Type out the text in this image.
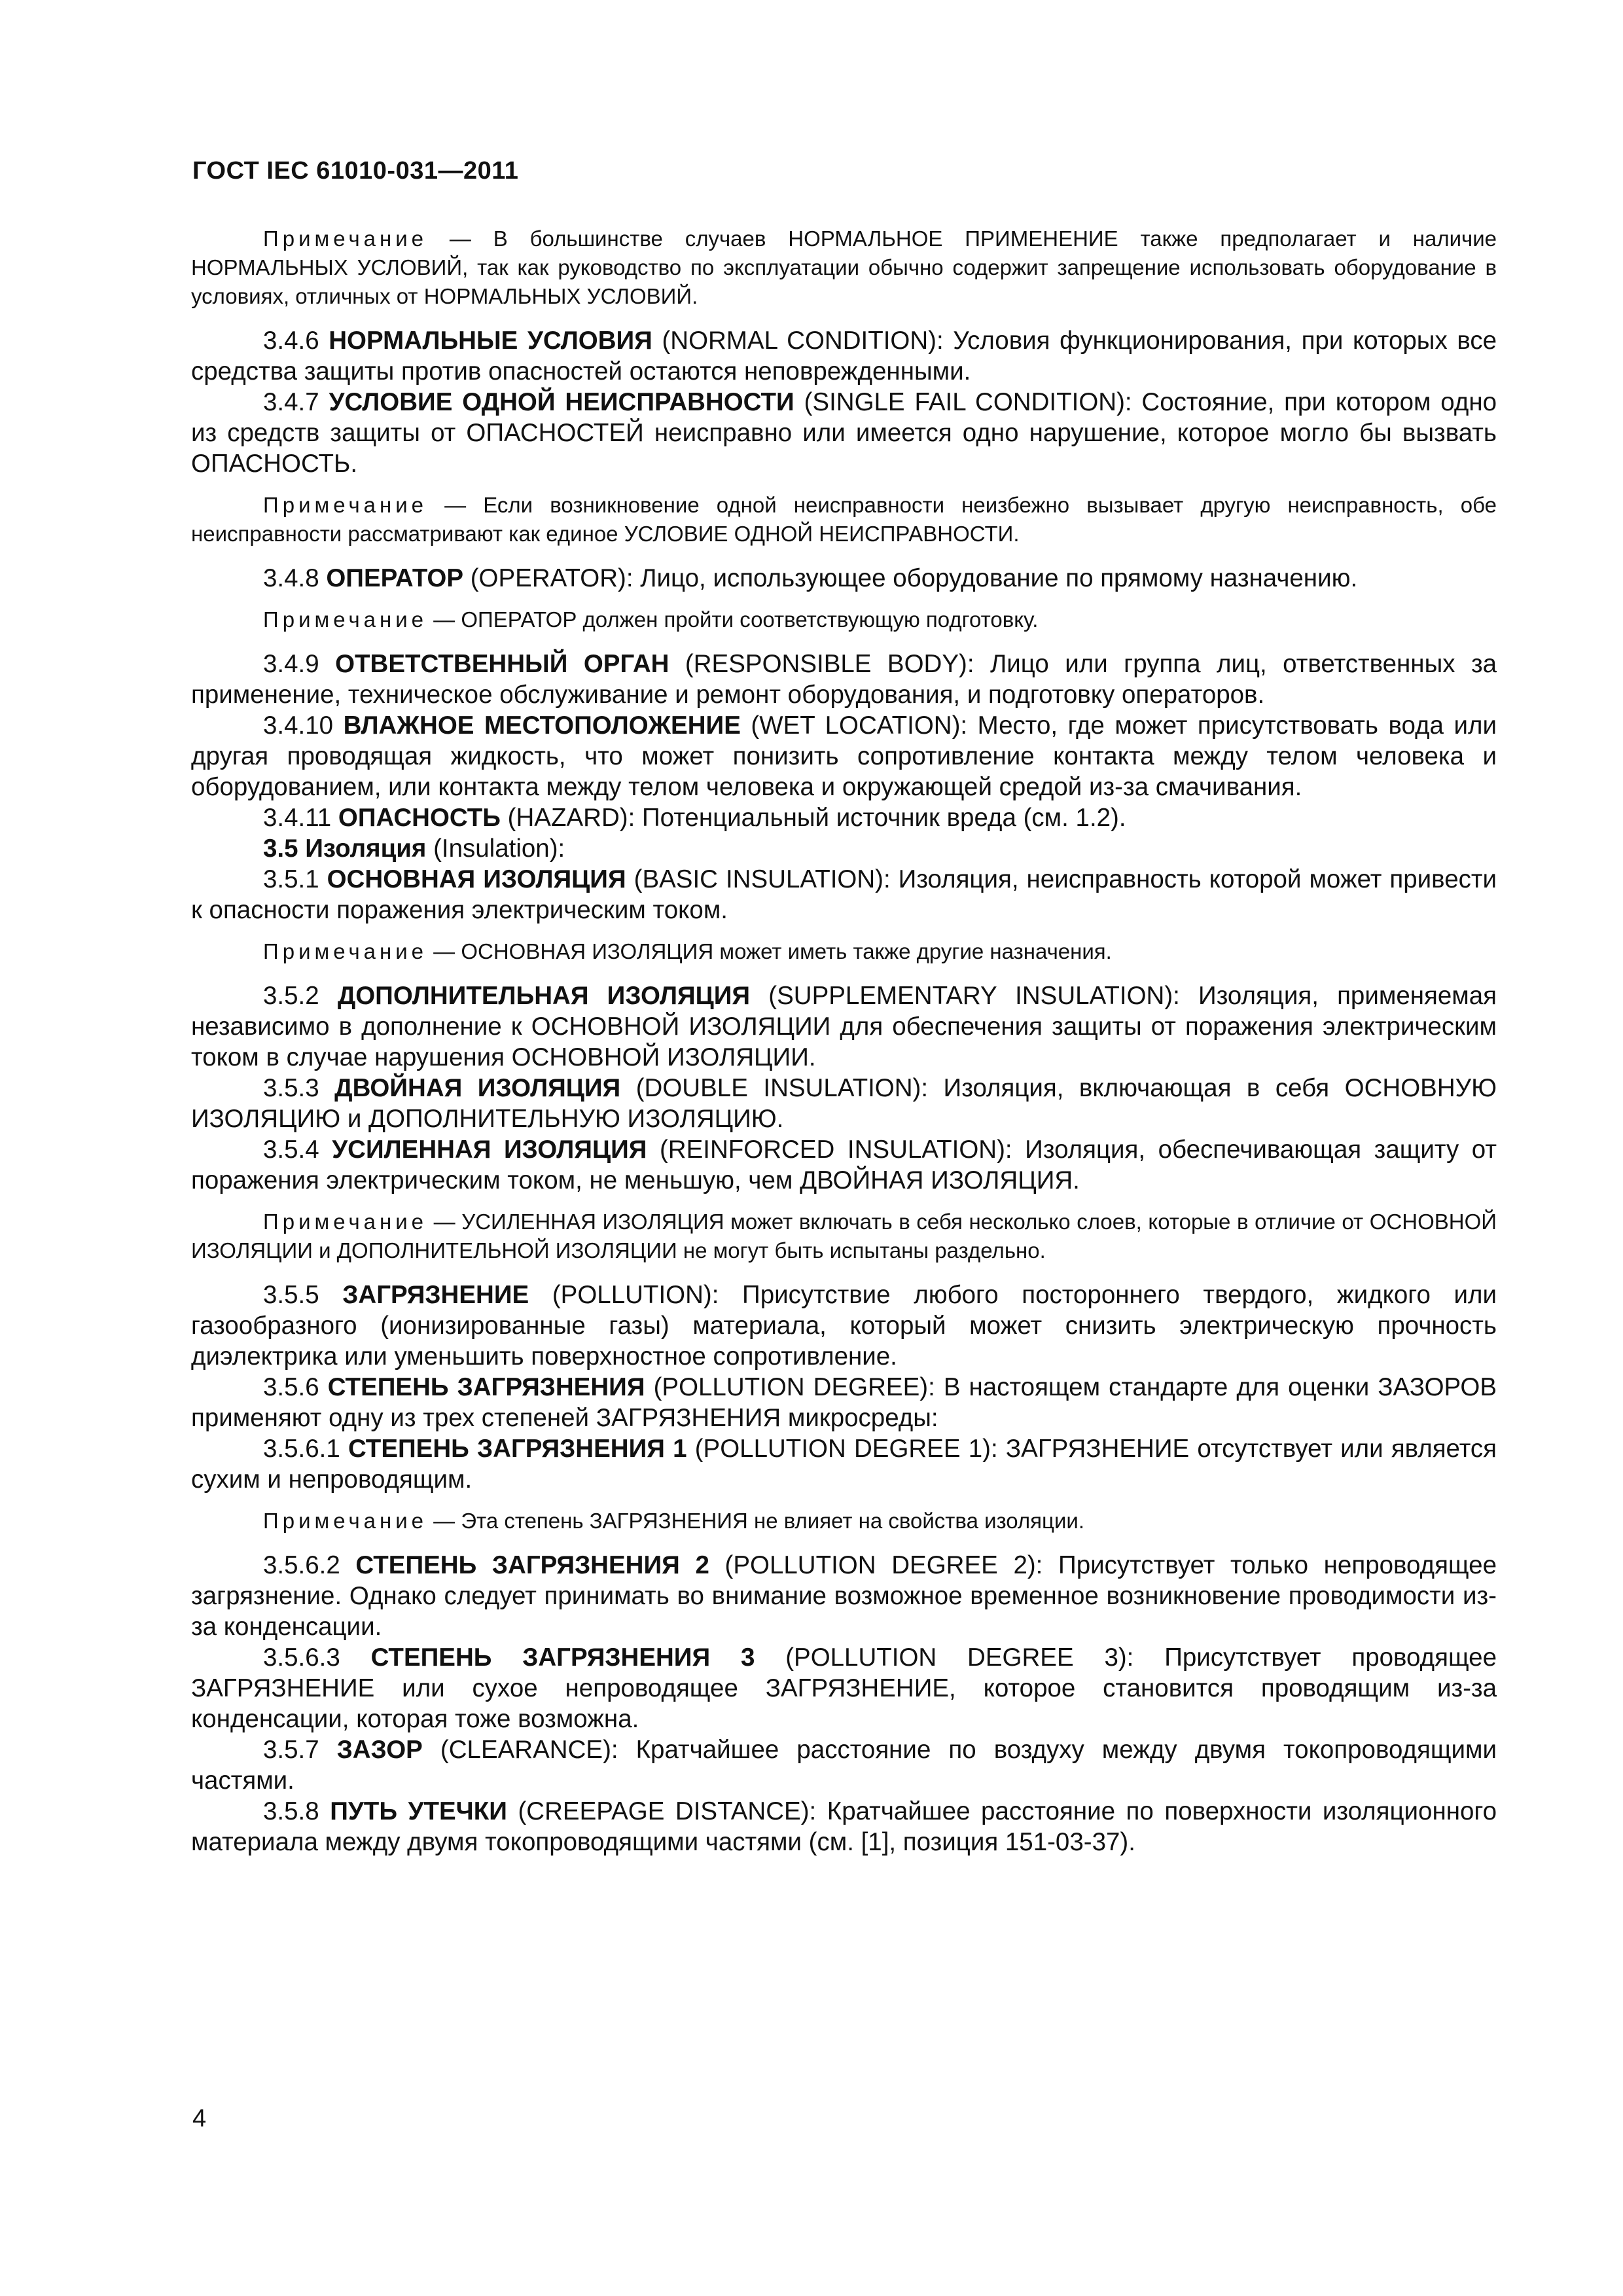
ГОСТ IEC 61010-031—2011
Примечание — В большинстве случаев НОРМАЛЬНОЕ ПРИМЕНЕНИЕ также предполагает и наличие НОРМАЛЬНЫХ УСЛОВИЙ, так как руководство по эксплуатации обычно содержит запрещение использовать оборудование в условиях, отличных от НОРМАЛЬНЫХ УСЛОВИЙ.
3.4.6 НОРМАЛЬНЫЕ УСЛОВИЯ (NORMAL CONDITION): Условия функционирования, при которых все средства защиты против опасностей остаются неповрежденными.
3.4.7 УСЛОВИЕ ОДНОЙ НЕИСПРАВНОСТИ (SINGLE FAIL CONDITION): Состояние, при котором одно из средств защиты от ОПАСНОСТЕЙ неисправно или имеется одно нарушение, которое могло бы вызвать ОПАСНОСТЬ.
Примечание — Если возникновение одной неисправности неизбежно вызывает другую неисправность, обе неисправности рассматривают как единое УСЛОВИЕ ОДНОЙ НЕИСПРАВНОСТИ.
3.4.8 ОПЕРАТОР (OPERATOR): Лицо, использующее оборудование по прямому назначению.
Примечание — ОПЕРАТОР должен пройти соответствующую подготовку.
3.4.9 ОТВЕТСТВЕННЫЙ ОРГАН (RESPONSIBLE BODY): Лицо или группа лиц, ответственных за применение, техническое обслуживание и ремонт оборудования, и подготовку операторов.
3.4.10 ВЛАЖНОЕ МЕСТОПОЛОЖЕНИЕ (WET LOCATION): Место, где может присутствовать вода или другая проводящая жидкость, что может понизить сопротивление контакта между телом человека и оборудованием, или контакта между телом человека и окружающей средой из-за смачивания.
3.4.11 ОПАСНОСТЬ (HAZARD): Потенциальный источник вреда (см. 1.2).
3.5 Изоляция (Insulation):
3.5.1 ОСНОВНАЯ ИЗОЛЯЦИЯ (BASIC INSULATION): Изоляция, неисправность которой может привести к опасности поражения электрическим током.
Примечание — ОСНОВНАЯ ИЗОЛЯЦИЯ может иметь также другие назначения.
3.5.2 ДОПОЛНИТЕЛЬНАЯ ИЗОЛЯЦИЯ (SUPPLEMENTARY INSULATION): Изоляция, применяемая независимо в дополнение к ОСНОВНОЙ ИЗОЛЯЦИИ для обеспечения защиты от поражения электрическим током в случае нарушения ОСНОВНОЙ ИЗОЛЯЦИИ.
3.5.3 ДВОЙНАЯ ИЗОЛЯЦИЯ (DOUBLE INSULATION): Изоляция, включающая в себя ОСНОВНУЮ ИЗОЛЯЦИЮ и ДОПОЛНИТЕЛЬНУЮ ИЗОЛЯЦИЮ.
3.5.4 УСИЛЕННАЯ ИЗОЛЯЦИЯ (REINFORCED INSULATION): Изоляция, обеспечивающая защиту от поражения электрическим током, не меньшую, чем ДВОЙНАЯ ИЗОЛЯЦИЯ.
Примечание — УСИЛЕННАЯ ИЗОЛЯЦИЯ может включать в себя несколько слоев, которые в отличие от ОСНОВНОЙ ИЗОЛЯЦИИ и ДОПОЛНИТЕЛЬНОЙ ИЗОЛЯЦИИ не могут быть испытаны раздельно.
3.5.5 ЗАГРЯЗНЕНИЕ (POLLUTION): Присутствие любого постороннего твердого, жидкого или газообразного (ионизированные газы) материала, который может снизить электрическую прочность диэлектрика или уменьшить поверхностное сопротивление.
3.5.6 СТЕПЕНЬ ЗАГРЯЗНЕНИЯ (POLLUTION DEGREE): В настоящем стандарте для оценки ЗАЗОРОВ применяют одну из трех степеней ЗАГРЯЗНЕНИЯ микросреды:
3.5.6.1 СТЕПЕНЬ ЗАГРЯЗНЕНИЯ 1 (POLLUTION DEGREE 1): ЗАГРЯЗНЕНИЕ отсутствует или является сухим и непроводящим.
Примечание — Эта степень ЗАГРЯЗНЕНИЯ не влияет на свойства изоляции.
3.5.6.2 СТЕПЕНЬ ЗАГРЯЗНЕНИЯ 2 (POLLUTION DEGREE 2): Присутствует только непроводящее загрязнение. Однако следует принимать во внимание возможное временное возникновение проводимости из-за конденсации.
3.5.6.3 СТЕПЕНЬ ЗАГРЯЗНЕНИЯ 3 (POLLUTION DEGREE 3): Присутствует проводящее ЗАГРЯЗНЕНИЕ или сухое непроводящее ЗАГРЯЗНЕНИЕ, которое становится проводящим из-за конденсации, которая тоже возможна.
3.5.7 ЗАЗОР (CLEARANCE): Кратчайшее расстояние по воздуху между двумя токопроводящими частями.
3.5.8 ПУТЬ УТЕЧКИ (CREEPAGE DISTANCE): Кратчайшее расстояние по поверхности изоляционного материала между двумя токопроводящими частями (см. [1], позиция 151-03-37).
4
